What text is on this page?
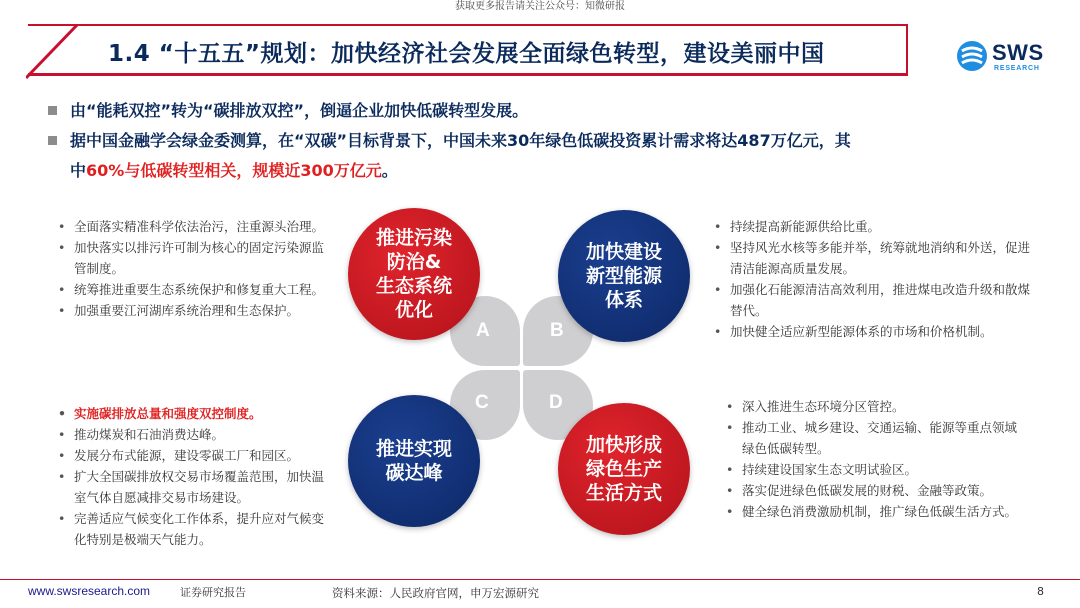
获取更多报告请关注公众号：知微研报
1.4 “十五五”规划：加快经济社会发展全面绿色转型，建设美丽中国	SWS
RESEARCH
由“能耗双控”转为“碳排放双控”，倒逼企业加快低碳转型发展。
据中国金融学会绿金委测算，在“双碳”目标背景下，中国未来30年绿色低碳投资累计需求将达487万亿元，其
中60%与低碳转型相关，规模近300万亿元。
• 全面落实精准科学依法治污，注重源头治理。
• 加快落实以排污许可制为核心的固定污染源监管制度。
• 统筹推进重要生态系统保护和修复重大工程。
• 加强重要江河湖库系统治理和生态保护。
• 持续提高新能源供给比重。
• 坚持风光水核等多能并举，统筹就地消纳和外送，促进清洁能源高质量发展。
• 加强化石能源清洁高效利用，推进煤电改造升级和散煤替代。
• 加快健全适应新型能源体系的市场和价格机制。
• 实施碳排放总量和强度双控制度。
• 推动煤炭和石油消费达峰。
• 发展分布式能源，建设零碳工厂和园区。
• 扩大全国碳排放权交易市场覆盖范围，加快温室气体自愿减排交易市场建设。
• 完善适应气候变化工作体系，提升应对气候变化特别是极端天气能力。
• 深入推进生态环境分区管控。
• 推动工业、城乡建设、交通运输、能源等重点领域绿色低碳转型。
• 持续建设国家生态文明试验区。
• 落实促进绿色低碳发展的财税、金融等政策。
• 健全绿色消费激励机制，推广绿色低碳生活方式。
A	B
C	D
推进污染
防治&
生态系统
优化
加快建设
新型能源
体系
推进实现
碳达峰
加快形成
绿色生产
生活方式
www.swsresearch.com	证券研究报告	资料来源：人民政府官网，申万宏源研究	8
